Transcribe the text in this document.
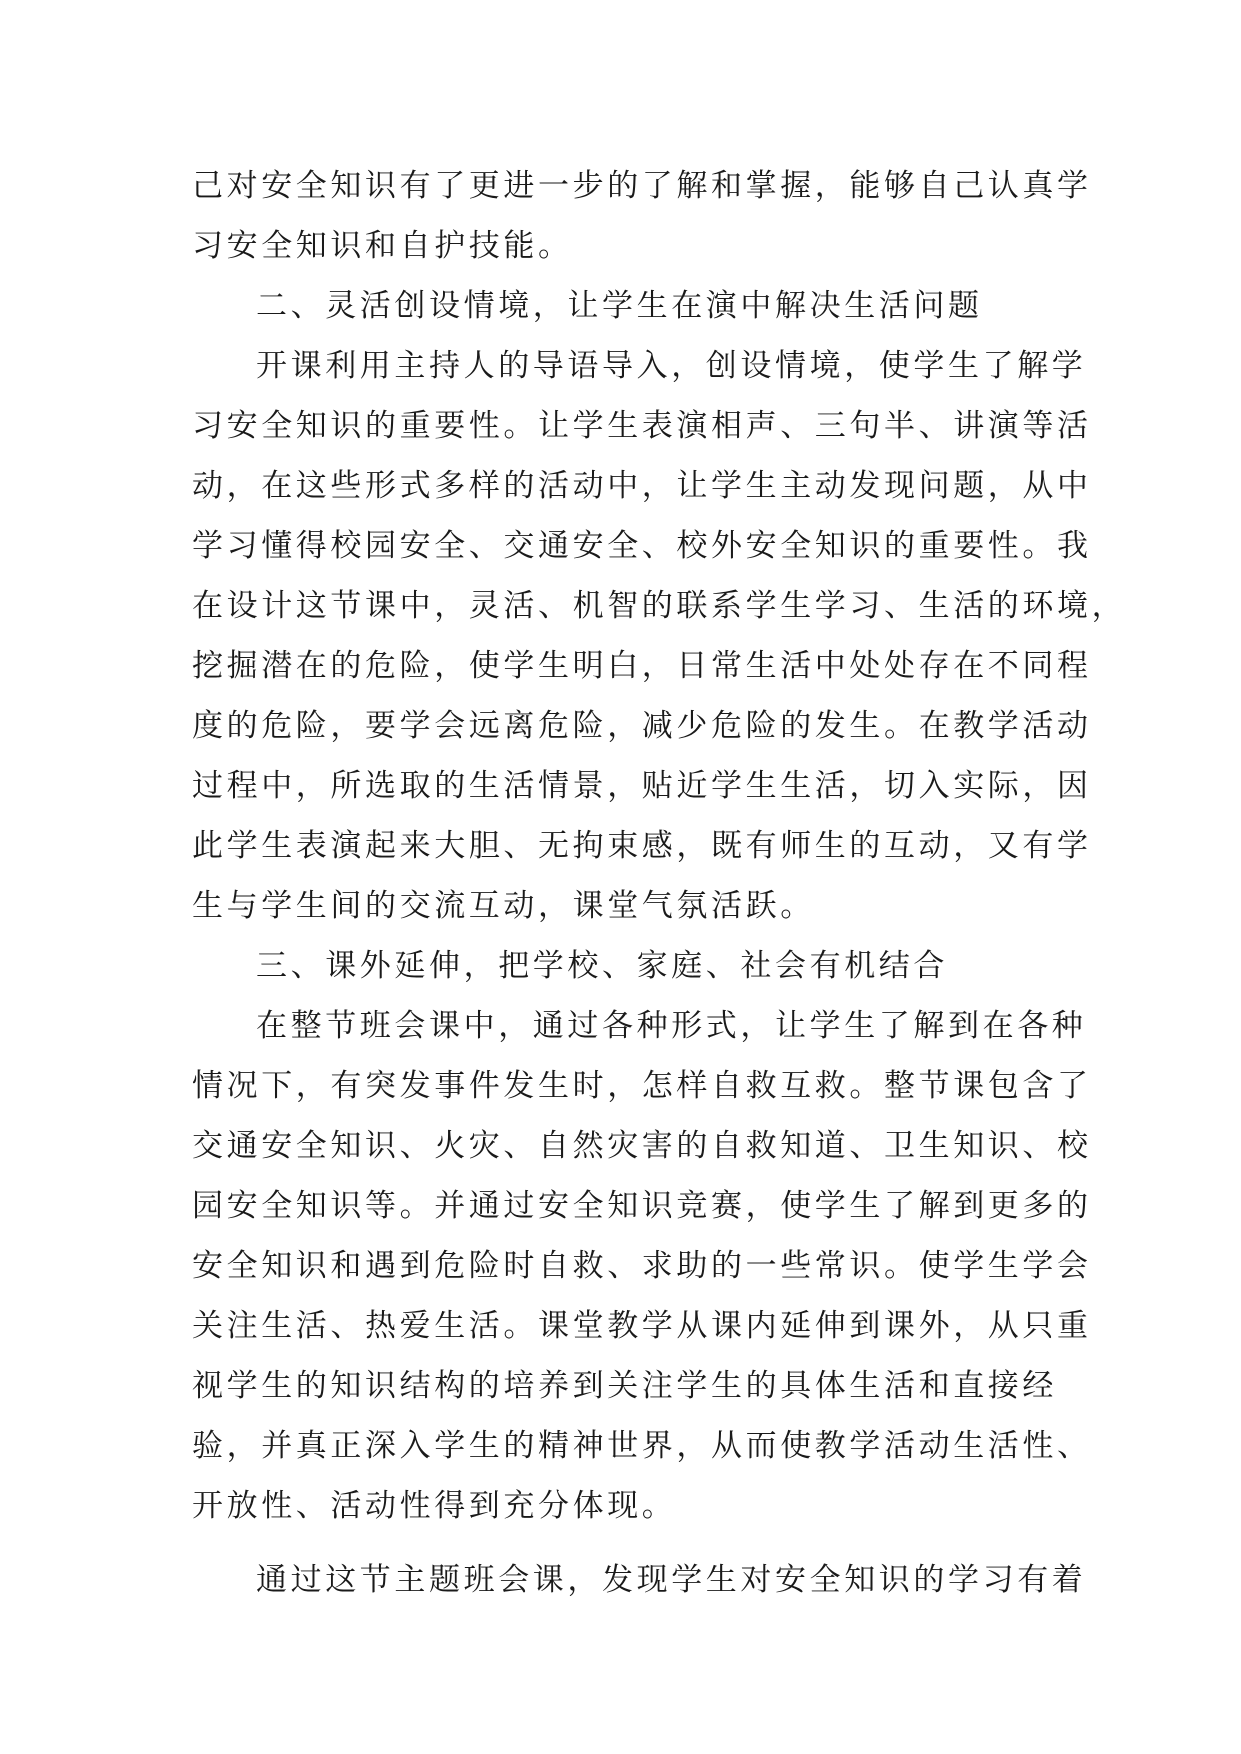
己对安全知识有了更进一步的了解和掌握，能够自己认真学
习安全知识和自护技能。
二、灵活创设情境，让学生在演中解决生活问题
开课利用主持人的导语导入，创设情境，使学生了解学
习安全知识的重要性。让学生表演相声、三句半、讲演等活
动，在这些形式多样的活动中，让学生主动发现问题，从中
学习懂得校园安全、交通安全、校外安全知识的重要性。我
在设计这节课中，灵活、机智的联系学生学习、生活的环境，
挖掘潜在的危险，使学生明白，日常生活中处处存在不同程
度的危险，要学会远离危险，减少危险的发生。在教学活动
过程中，所选取的生活情景，贴近学生生活，切入实际，因
此学生表演起来大胆、无拘束感，既有师生的互动，又有学
生与学生间的交流互动，课堂气氛活跃。
三、课外延伸，把学校、家庭、社会有机结合
在整节班会课中，通过各种形式，让学生了解到在各种
情况下，有突发事件发生时，怎样自救互救。整节课包含了
交通安全知识、火灾、自然灾害的自救知道、卫生知识、校
园安全知识等。并通过安全知识竞赛，使学生了解到更多的
安全知识和遇到危险时自救、求助的一些常识。使学生学会
关注生活、热爱生活。课堂教学从课内延伸到课外，从只重
视学生的知识结构的培养到关注学生的具体生活和直接经
验，并真正深入学生的精神世界，从而使教学活动生活性、
开放性、活动性得到充分体现。
通过这节主题班会课，发现学生对安全知识的学习有着
